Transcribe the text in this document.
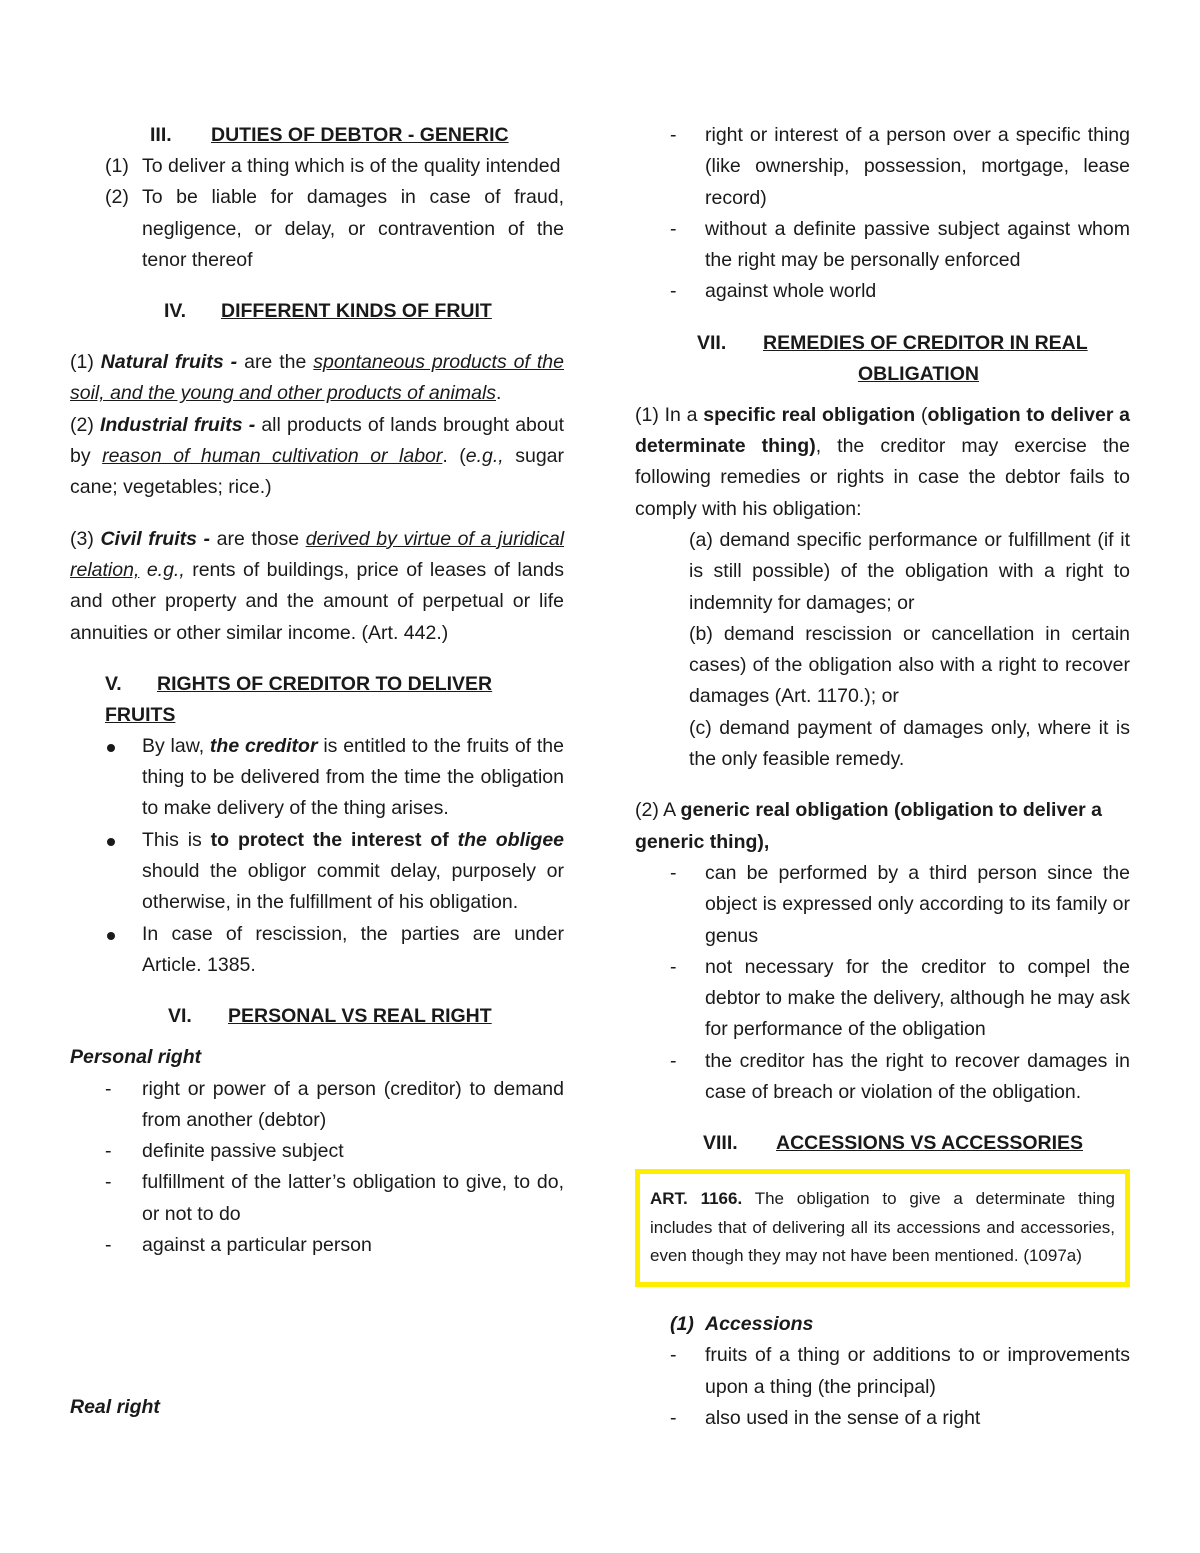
III. DUTIES OF DEBTOR - GENERIC
(1) To deliver a thing which is of the quality intended
(2) To be liable for damages in case of fraud, negligence, or delay, or contravention of the tenor thereof
IV. DIFFERENT KINDS OF FRUIT
(1) Natural fruits - are the spontaneous products of the soil, and the young and other products of animals.
(2) Industrial fruits - all products of lands brought about by reason of human cultivation or labor. (e.g., sugar cane; vegetables; rice.)
(3) Civil fruits - are those derived by virtue of a juridical relation, e.g., rents of buildings, price of leases of lands and other property and the amount of perpetual or life annuities or other similar income. (Art. 442.)
V. RIGHTS OF CREDITOR TO DELIVER FRUITS
By law, the creditor is entitled to the fruits of the thing to be delivered from the time the obligation to make delivery of the thing arises.
This is to protect the interest of the obligee should the obligor commit delay, purposely or otherwise, in the fulfillment of his obligation.
In case of rescission, the parties are under Article. 1385.
VI. PERSONAL VS REAL RIGHT
Personal right
-	right or power of a person (creditor) to demand from another (debtor)
-	definite passive subject
-	fulfillment of the latter’s obligation to give, to do, or not to do
-	against a particular person
Real right
-	right or interest of a person over a specific thing (like ownership, possession, mortgage, lease record)
-	without a definite passive subject against whom the right may be personally enforced
-	against whole world
VII. REMEDIES OF CREDITOR IN REAL
OBLIGATION
(1) In a specific real obligation (obligation to deliver a determinate thing), the creditor may exercise the following remedies or rights in case the debtor fails to comply with his obligation:
(a) demand specific performance or fulfillment (if it is still possible) of the obligation with a right to indemnity for damages; or
(b) demand rescission or cancellation in certain cases) of the obligation also with a right to recover damages (Art. 1170.); or
(c) demand payment of damages only, where it is the only feasible remedy.
(2) A generic real obligation (obligation to deliver a generic thing),
-	can be performed by a third person since the object is expressed only according to its family or genus
-	not necessary for the creditor to compel the debtor to make the delivery, although he may ask for performance of the obligation
-	the creditor has the right to recover damages in case of breach or violation of the obligation.
VIII. ACCESSIONS VS ACCESSORIES
ART. 1166. The obligation to give a determinate thing includes that of delivering all its accessions and accessories, even though they may not have been mentioned. (1097a)
(1) Accessions
-	fruits of a thing or additions to or improvements upon a thing (the principal)
-	also used in the sense of a right
